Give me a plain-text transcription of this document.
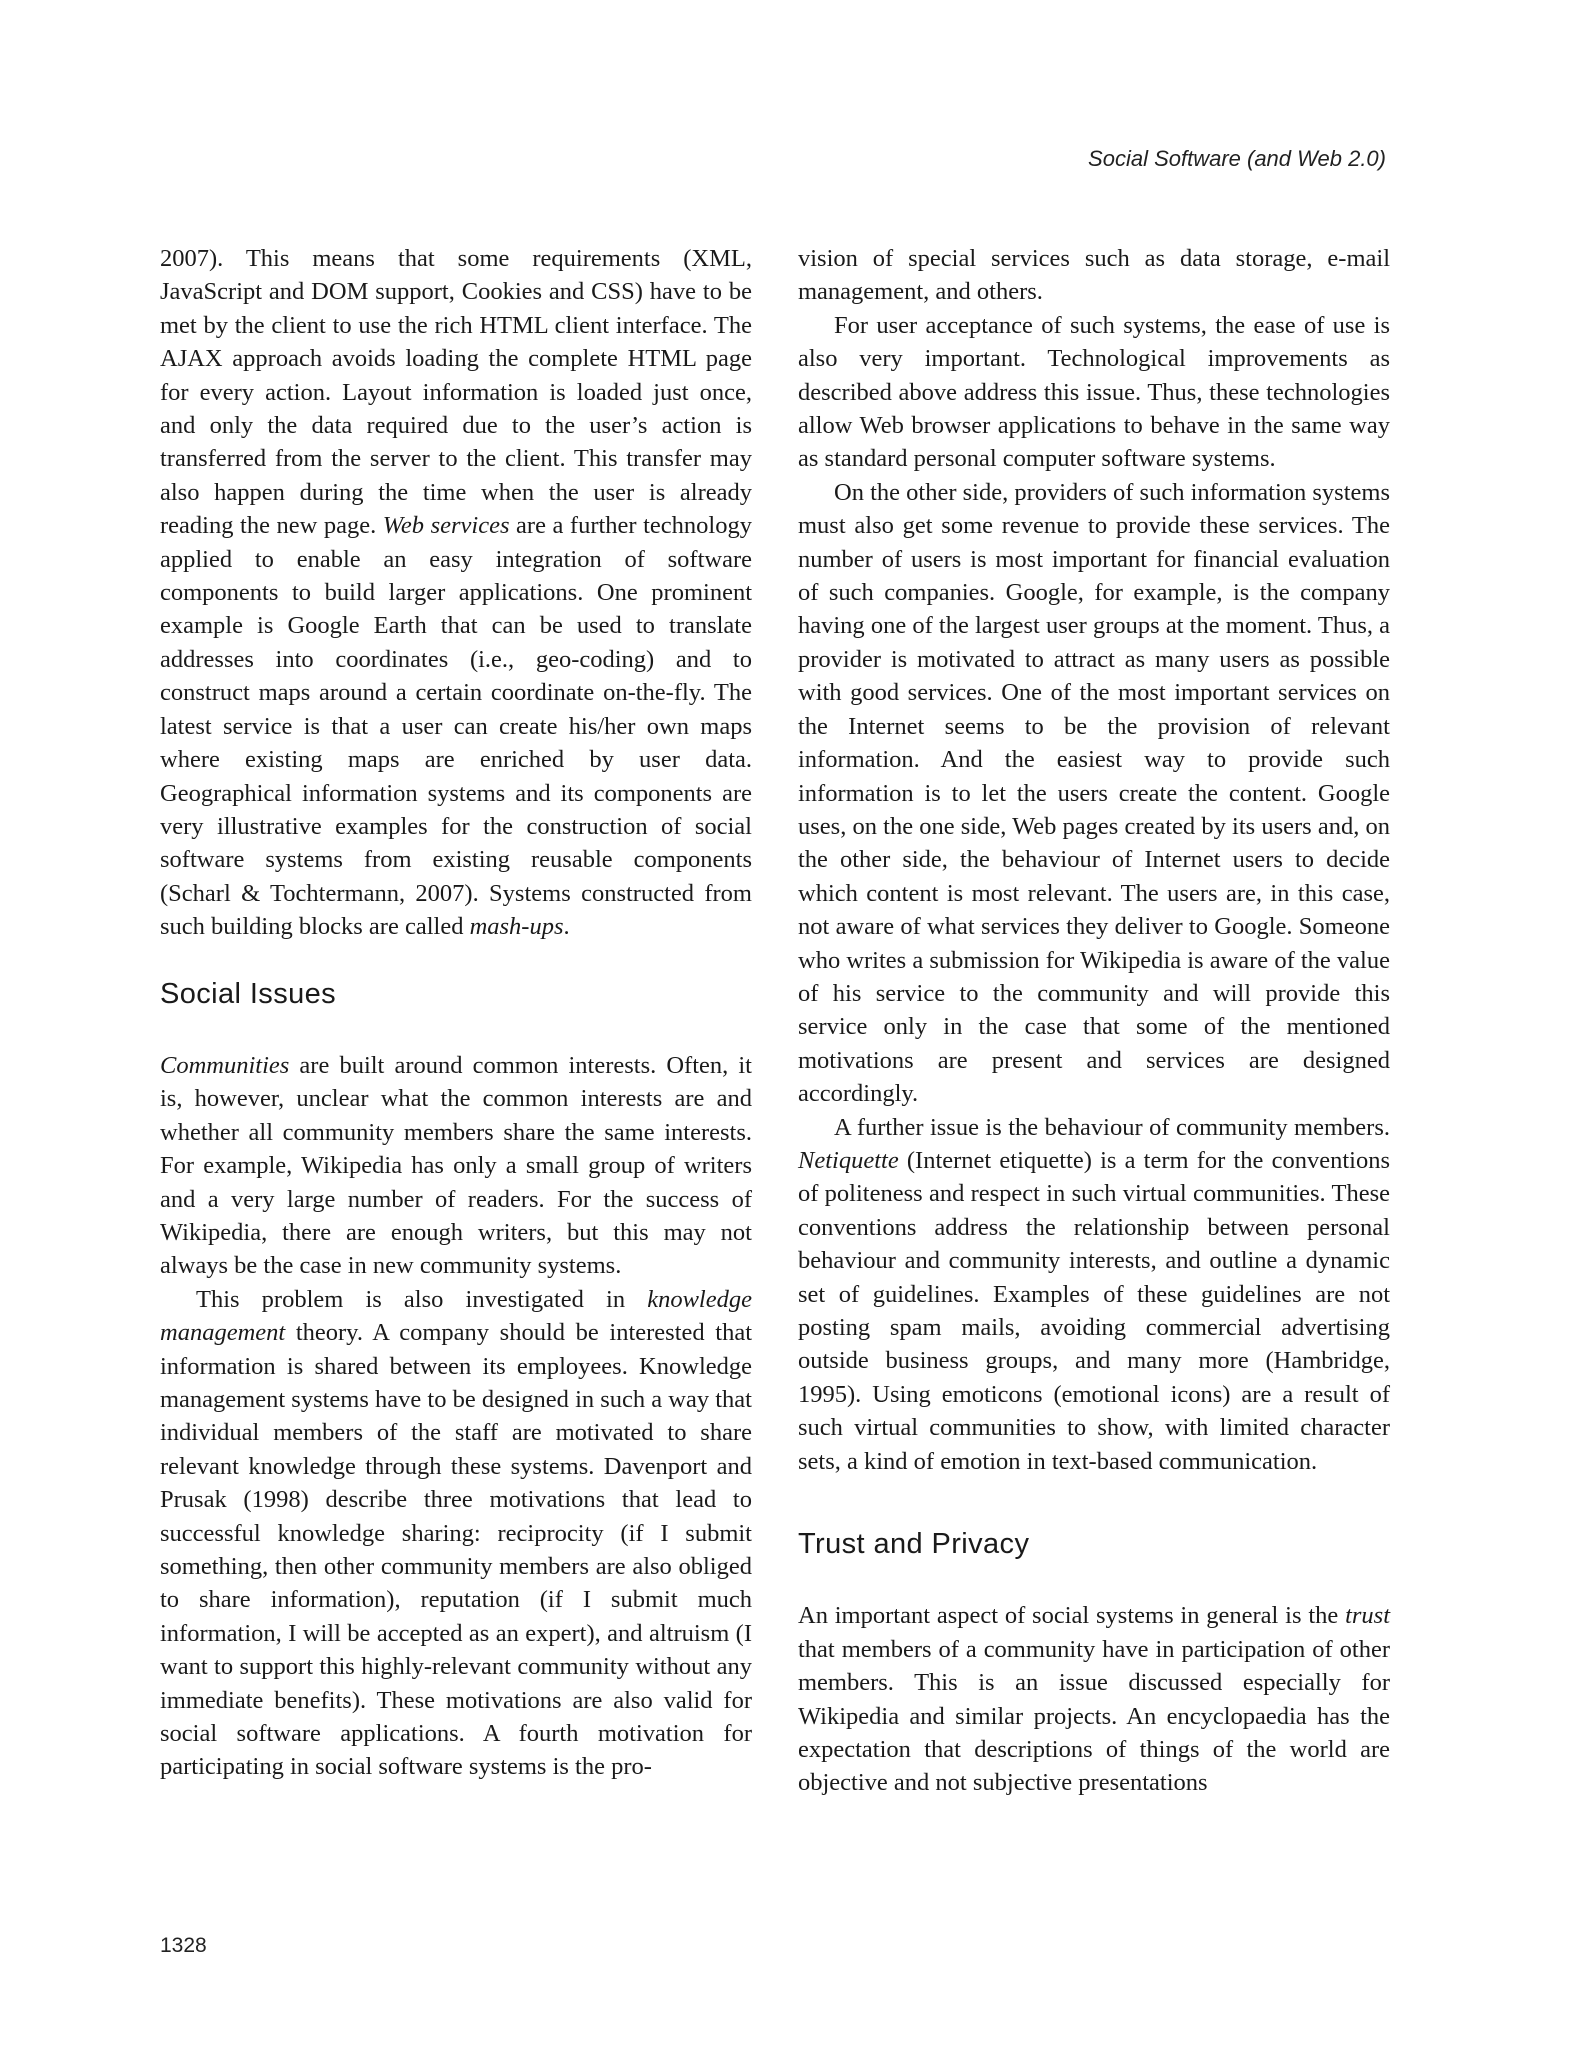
Social Software (and Web 2.0)

2007). This means that some requirements (XML, JavaScript and DOM support, Cookies and CSS) have to be met by the client to use the rich HTML client interface. The AJAX approach avoids loading the complete HTML page for every action. Layout information is loaded just once, and only the data required due to the user’s action is transferred from the server to the client. This transfer may also happen during the time when the user is already reading the new page. Web services are a further technology applied to enable an easy integration of software components to build larger applications. One prominent example is Google Earth that can be used to translate addresses into coordinates (i.e., geo-coding) and to construct maps around a certain coordinate on-the-fly. The latest service is that a user can create his/her own maps where existing maps are enriched by user data. Geographical information systems and its components are very illustrative examples for the construction of social software systems from existing reusable components (Scharl & Tochtermann, 2007). Systems constructed from such building blocks are called mash-ups.

Social Issues

Communities are built around common interests. Often, it is, however, unclear what the common interests are and whether all community members share the same interests. For example, Wikipedia has only a small group of writers and a very large number of readers. For the success of Wikipedia, there are enough writers, but this may not always be the case in new community systems.

This problem is also investigated in knowledge management theory. A company should be interested that information is shared between its employees. Knowledge management systems have to be designed in such a way that individual members of the staff are motivated to share relevant knowledge through these systems. Davenport and Prusak (1998) describe three motivations that lead to successful knowledge sharing: reciprocity (if I submit something, then other community members are also obliged to share information), reputation (if I submit much information, I will be accepted as an expert), and altruism (I want to support this highly-relevant community without any immediate benefits). These motivations are also valid for social software applications. A fourth motivation for participating in social software systems is the pro-

vision of special services such as data storage, e-mail management, and others.

For user acceptance of such systems, the ease of use is also very important. Technological improvements as described above address this issue. Thus, these technologies allow Web browser applications to behave in the same way as standard personal computer software systems.

On the other side, providers of such information systems must also get some revenue to provide these services. The number of users is most important for financial evaluation of such companies. Google, for example, is the company having one of the largest user groups at the moment. Thus, a provider is motivated to attract as many users as possible with good services. One of the most important services on the Internet seems to be the provision of relevant information. And the easiest way to provide such information is to let the users create the content. Google uses, on the one side, Web pages created by its users and, on the other side, the behaviour of Internet users to decide which content is most relevant. The users are, in this case, not aware of what services they deliver to Google. Someone who writes a submission for Wikipedia is aware of the value of his service to the community and will provide this service only in the case that some of the mentioned motivations are present and services are designed accordingly.

A further issue is the behaviour of community members. Netiquette (Internet etiquette) is a term for the conventions of politeness and respect in such virtual communities. These conventions address the relationship between personal behaviour and community interests, and outline a dynamic set of guidelines. Examples of these guidelines are not posting spam mails, avoiding commercial advertising outside business groups, and many more (Hambridge, 1995). Using emoticons (emotional icons) are a result of such virtual communities to show, with limited character sets, a kind of emotion in text-based communication.

Trust and Privacy

An important aspect of social systems in general is the trust that members of a community have in participation of other members. This is an issue discussed especially for Wikipedia and similar projects. An encyclopaedia has the expectation that descriptions of things of the world are objective and not subjective presentations

1328
